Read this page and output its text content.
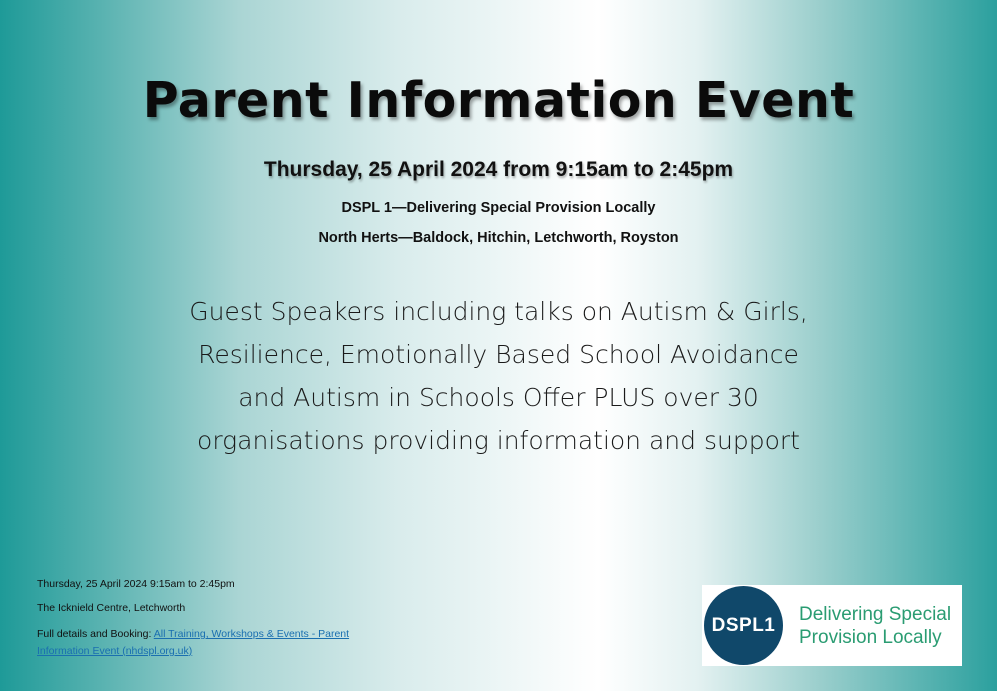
Parent Information Event
Thursday, 25 April 2024 from 9:15am to 2:45pm
DSPL 1—Delivering Special Provision Locally
North Herts—Baldock, Hitchin, Letchworth, Royston
Guest Speakers including talks on Autism & Girls,
Resilience, Emotionally Based School Avoidance
and Autism in Schools Offer PLUS over 30
organisations providing information and support
Thursday, 25 April 2024 9:15am to 2:45pm
The Icknield Centre, Letchworth
Full details and Booking: All Training, Workshops & Events - Parent Information Event (nhdspl.org.uk)
DSPL1
Delivering Special
Provision Locally
